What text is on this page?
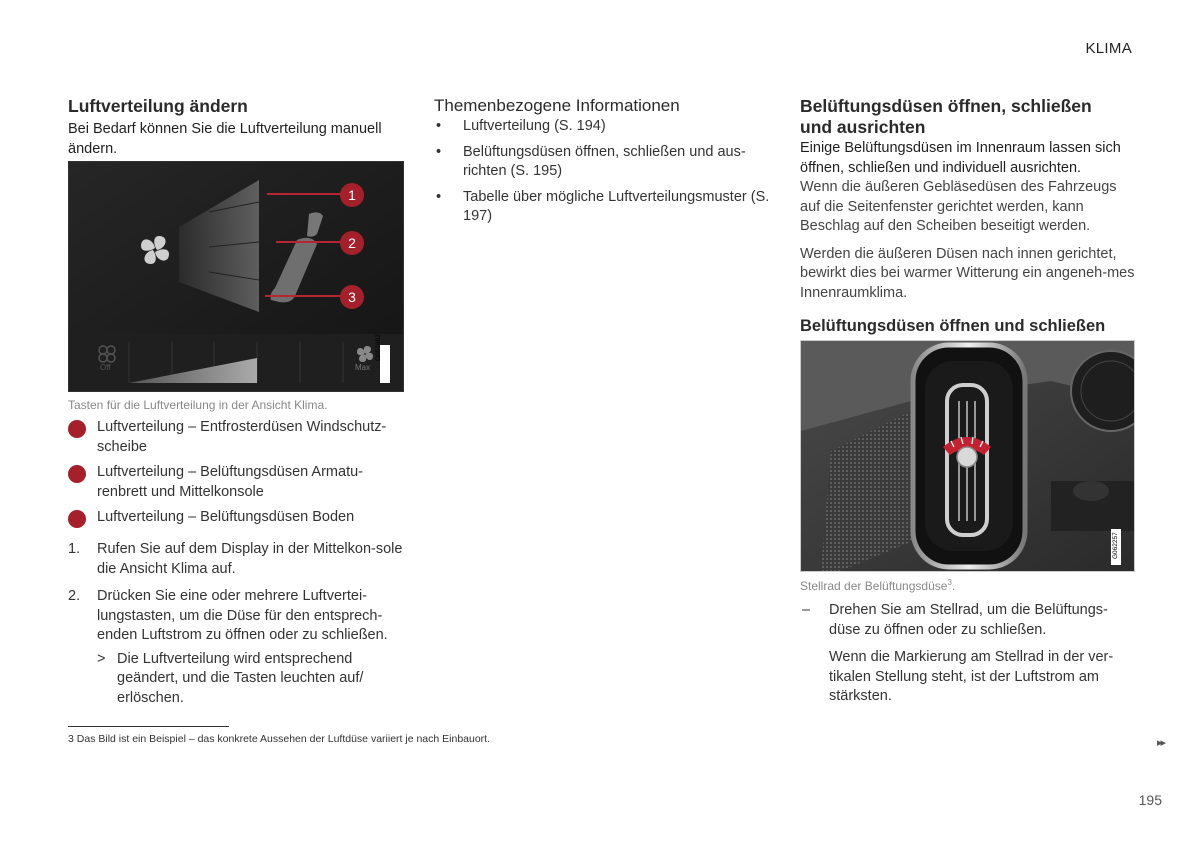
KLIMA
Luftverteilung ändern
Bei Bedarf können Sie die Luftverteilung manuell ändern.
Off	Max
G051882
1
2
3
Tasten für die Luftverteilung in der Ansicht Klima.
Luftverteilung – Entfrosterdüsen Windschutz-scheibe
Luftverteilung – Belüftungsdüsen Armatu-renbrett und Mittelkonsole
Luftverteilung – Belüftungsdüsen Boden
1. Rufen Sie auf dem Display in der Mittelkon-sole die Ansicht Klima auf.
2. Drücken Sie eine oder mehrere Luftvertei-lungstasten, um die Düse für den entsprech-enden Luftstrom zu öffnen oder zu schließen.
> Die Luftverteilung wird entsprechend geändert, und die Tasten leuchten auf/ erlöschen.
Themenbezogene Informationen
• Luftverteilung (S. 194)
• Belüftungsdüsen öffnen, schließen und aus-richten (S. 195)
• Tabelle über mögliche Luftverteilungsmuster (S. 197)
Belüftungsdüsen öffnen, schließen
und ausrichten
Einige Belüftungsdüsen im Innenraum lassen sich öffnen, schließen und individuell ausrichten.
Wenn die äußeren Gebläsedüsen des Fahrzeugs auf die Seitenfenster gerichtet werden, kann Beschlag auf den Scheiben beseitigt werden.
Werden die äußeren Düsen nach innen gerichtet, bewirkt dies bei warmer Witterung ein angeneh-mes Innenraumklima.
Belüftungsdüsen öffnen und schließen
G062257
Stellrad der Belüftungsdüse$^3$.
– Drehen Sie am Stellrad, um die Belüftungs-düse zu öffnen oder zu schließen.
Wenn die Markierung am Stellrad in der ver-tikalen Stellung steht, ist der Luftstrom am stärksten.
3 Das Bild ist ein Beispiel – das konkrete Aussehen der Luftdüse variiert je nach Einbauort.	▸▸
195
